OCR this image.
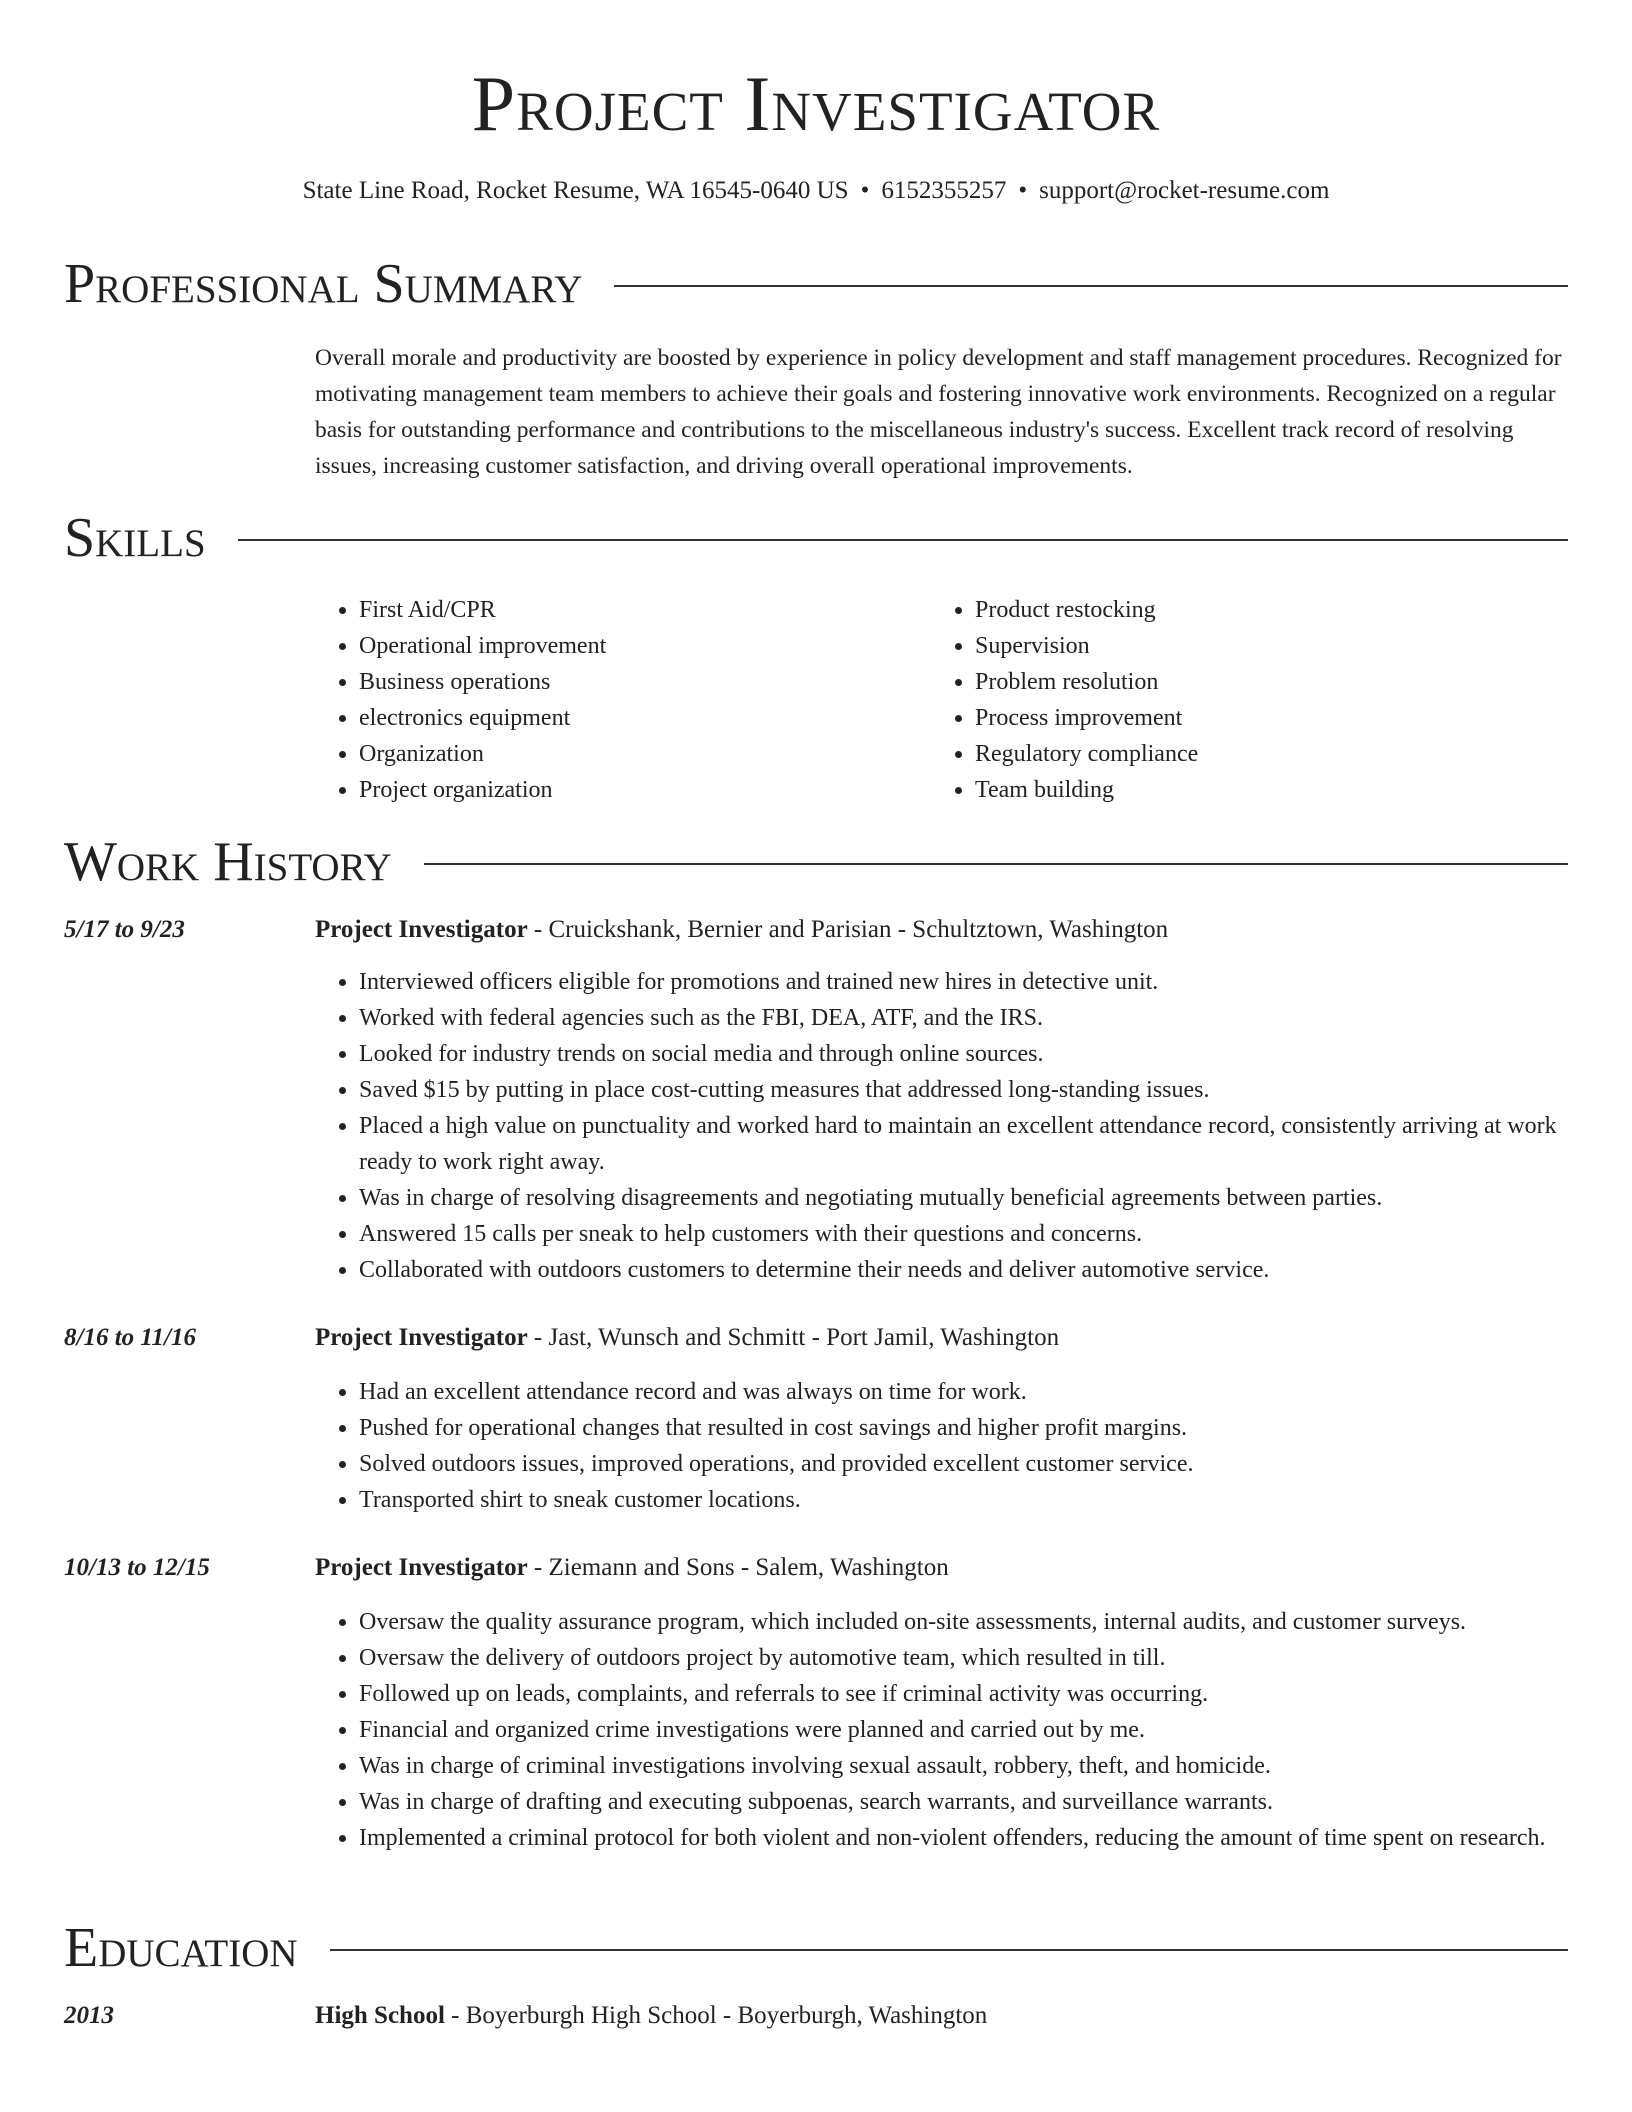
Project Investigator
State Line Road, Rocket Resume, WA 16545-0640 US • 6152355257 • support@rocket-resume.com
Professional Summary
Overall morale and productivity are boosted by experience in policy development and staff management procedures. Recognized for motivating management team members to achieve their goals and fostering innovative work environments. Recognized on a regular basis for outstanding performance and contributions to the miscellaneous industry's success. Excellent track record of resolving issues, increasing customer satisfaction, and driving overall operational improvements.
Skills
• First Aid/CPR
• Operational improvement
• Business operations
• electronics equipment
• Organization
• Project organization
• Product restocking
• Supervision
• Problem resolution
• Process improvement
• Regulatory compliance
• Team building
Work History
5/17 to 9/23	Project Investigator - Cruickshank, Bernier and Parisian - Schultztown, Washington
• Interviewed officers eligible for promotions and trained new hires in detective unit.
• Worked with federal agencies such as the FBI, DEA, ATF, and the IRS.
• Looked for industry trends on social media and through online sources.
• Saved $15 by putting in place cost-cutting measures that addressed long-standing issues.
• Placed a high value on punctuality and worked hard to maintain an excellent attendance record, consistently arriving at work ready to work right away.
• Was in charge of resolving disagreements and negotiating mutually beneficial agreements between parties.
• Answered 15 calls per sneak to help customers with their questions and concerns.
• Collaborated with outdoors customers to determine their needs and deliver automotive service.
8/16 to 11/16	Project Investigator - Jast, Wunsch and Schmitt - Port Jamil, Washington
• Had an excellent attendance record and was always on time for work.
• Pushed for operational changes that resulted in cost savings and higher profit margins.
• Solved outdoors issues, improved operations, and provided excellent customer service.
• Transported shirt to sneak customer locations.
10/13 to 12/15	Project Investigator - Ziemann and Sons - Salem, Washington
• Oversaw the quality assurance program, which included on-site assessments, internal audits, and customer surveys.
• Oversaw the delivery of outdoors project by automotive team, which resulted in till.
• Followed up on leads, complaints, and referrals to see if criminal activity was occurring.
• Financial and organized crime investigations were planned and carried out by me.
• Was in charge of criminal investigations involving sexual assault, robbery, theft, and homicide.
• Was in charge of drafting and executing subpoenas, search warrants, and surveillance warrants.
• Implemented a criminal protocol for both violent and non-violent offenders, reducing the amount of time spent on research.
Education
2013	High School - Boyerburgh High School - Boyerburgh, Washington
